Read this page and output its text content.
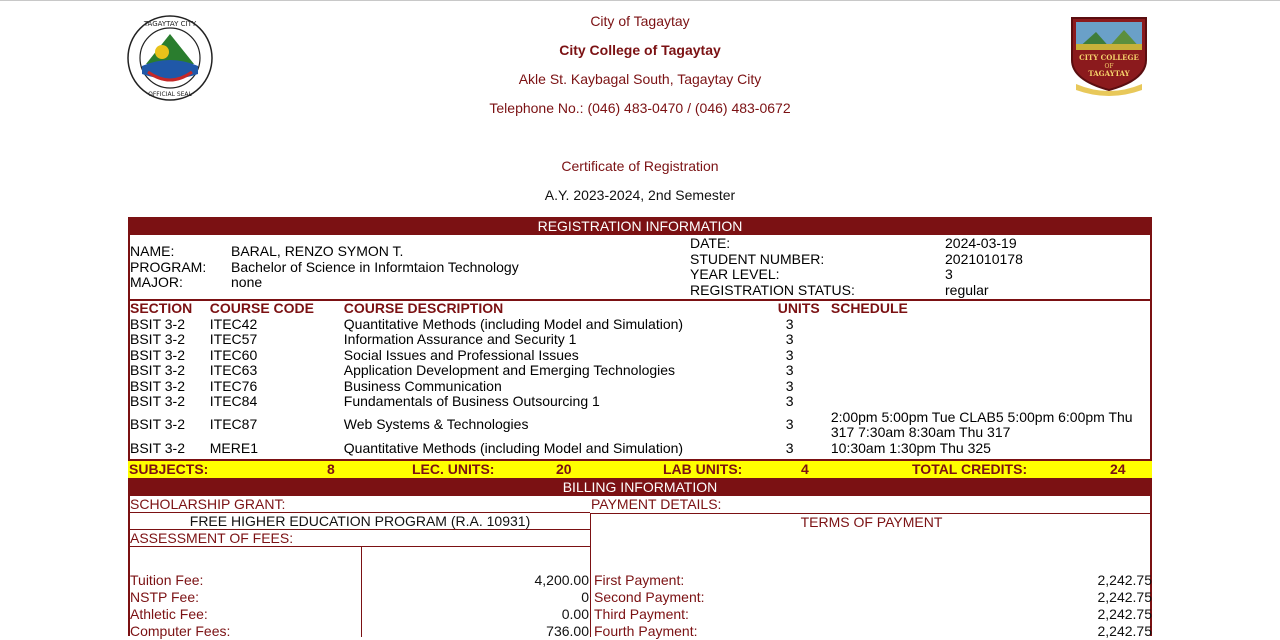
TAGAYTAY CITY
OFFICIAL SEAL
CITY COLLEGE
OF
TAGAYTAY
City of Tagaytay
City College of Tagaytay
Akle St. Kaybagal South, Tagaytay City
Telephone No.: (046) 483-0470 / (046) 483-0672
Certificate of Registration
A.Y. 2023-2024, 2nd Semester
REGISTRATION INFORMATION
NAME:	BARAL, RENZO SYMON T.
PROGRAM: Bachelor of Science in Informtaion Technology
MAJOR:	none
DATE:	2024-03-19
STUDENT NUMBER:	2021010178
YEAR LEVEL:	3
REGISTRATION STATUS:	regular
SECTION	COURSE CODE	COURSE DESCRIPTION	UNITS	SCHEDULE
BSIT 3-2	ITEC42	Quantitative Methods (including Model and Simulation)	3	
BSIT 3-2	ITEC57	Information Assurance and Security 1	3	
BSIT 3-2	ITEC60	Social Issues and Professional Issues	3	
BSIT 3-2	ITEC63	Application Development and Emerging Technologies	3	
BSIT 3-2	ITEC76	Business Communication	3	
BSIT 3-2	ITEC84	Fundamentals of Business Outsourcing 1	3	
BSIT 3-2	ITEC87	Web Systems & Technologies	3	2:00pm 5:00pm Tue CLAB5 5:00pm 6:00pm Thu 317 7:30am 8:30am Thu 317
BSIT 3-2	MERE1	Quantitative Methods (including Model and Simulation)	3	10:30am 1:30pm Thu 325
SUBJECTS:	8	LEC. UNITS:	20	LAB UNITS:	4	TOTAL CREDITS:	24
BILLING INFORMATION
SCHOLARSHIP GRANT:
FREE HIGHER EDUCATION PROGRAM (R.A. 10931)
ASSESSMENT OF FEES:
PAYMENT DETAILS:
TERMS OF PAYMENT
Tuition Fee:	4,200.00
NSTP Fee:	0
Athletic Fee:	0.00
Computer Fees:	736.00
First Payment:	2,242.75
Second Payment:	2,242.75
Third Payment:	2,242.75
Fourth Payment:	2,242.75
